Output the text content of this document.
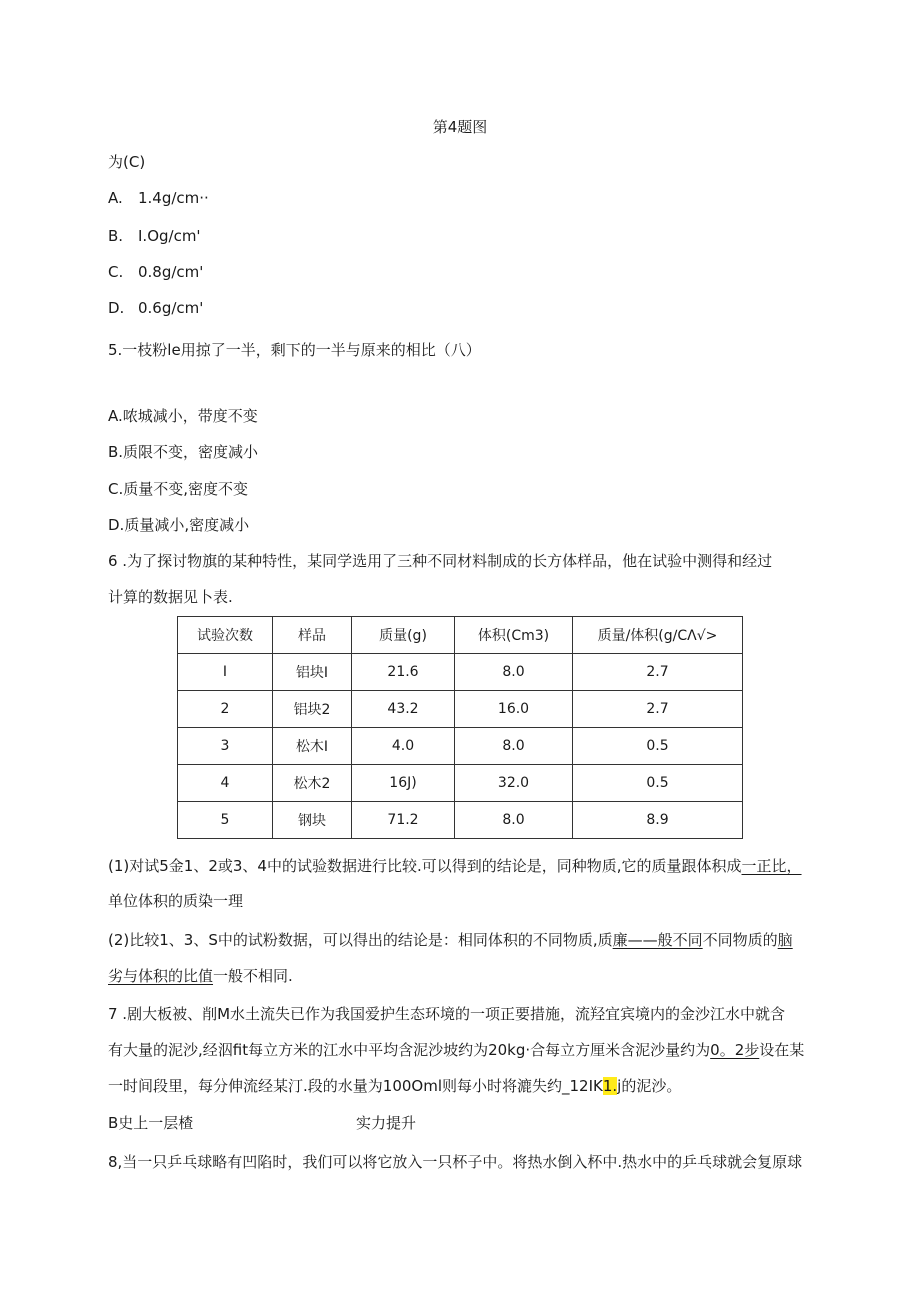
第4题图
为(C)
A. 1.4g∕cm··
B. I.Og∕cm'
C. 0.8g∕cm'
D. 0.6g∕cm'
5.一枝粉le用掠了一半，剩下的一半与原来的相比（八）
A.哝城减小，带度不变
B.质限不变，密度减小
C.质量不变,密度不变
D.质量减小,密度减小
6 .为了探讨物旗的某种特性，某同学选用了三种不同材料制成的长方体样品，他在试验中测得和经过
计算的数据见卜表.
试验次数	样品	质量(g)	体积(Cm3)	质量/体积(g∕CΛ√>
I	铝块I	21.6	8.0	2.7
2	铝块2	43.2	16.0	2.7
3	松木I	4.0	8.0	0.5
4	松木2	16J)	32.0	0.5
5	钢块	71.2	8.0	8.9
(1)对试5金1、2或3、4中的试验数据进行比较.可以得到的结论是，同种物质,它的质量跟体积成一正比，
单位体积的质染一理
(2)比较1、3、S中的试粉数据，可以得出的结论是：相同体积的不同物质,质廉——般不同不同物质的脑
劣与体积的比值一般不相同.
7 .剧大板被、削M水土流失已作为我国爱护生态环境的一项正要措施，流羟宜宾境内的金沙江水中就含
有大量的泥沙,经泅fit每立方米的江水中平均含泥沙坡约为20kg·合每立方厘米含泥沙量约为0。2步设在某
一时间段里，每分伸流经某汀.段的水量为100Oml则每小时将漉失约_12IK1.j的泥沙。
B史上一层楂	实力提升
8,当一只乒乓球略有凹陷时，我们可以将它放入一只杯子中。将热水倒入杯中.热水中的乒乓球就会复原球
